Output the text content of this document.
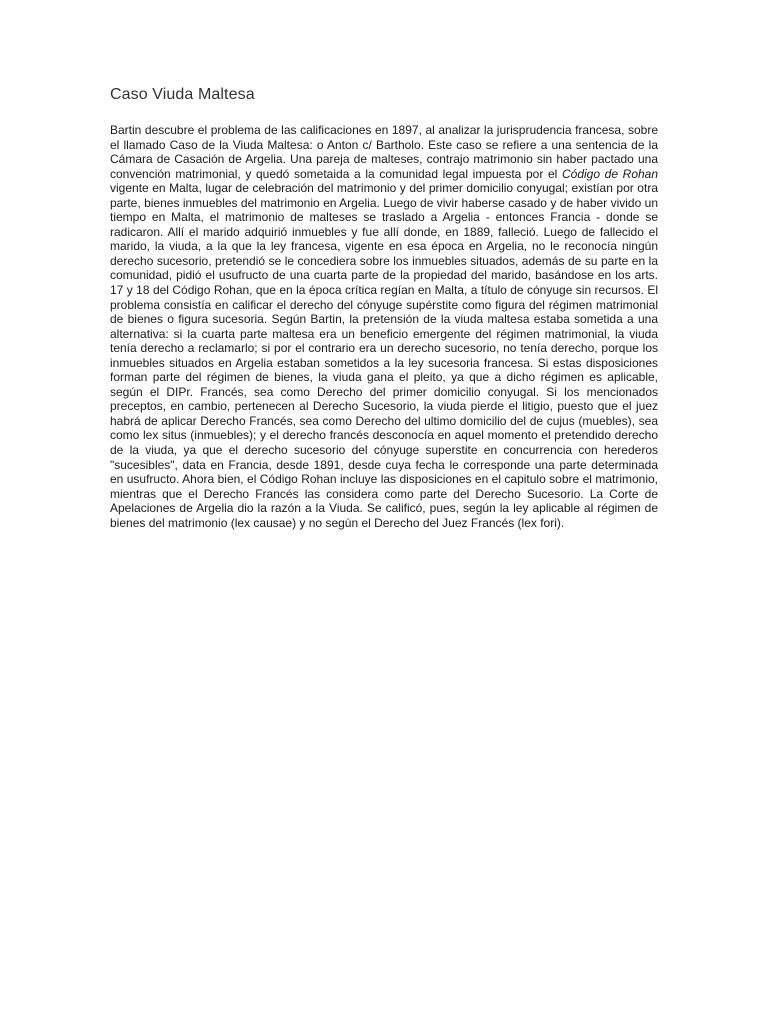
Caso Viuda Maltesa

Bartin descubre el problema de las calificaciones en 1897, al analizar la jurisprudencia francesa, sobre el llamado Caso de la Viuda Maltesa: o Anton c/ Bartholo. Este caso se refiere a una sentencia de la Cámara de Casación de Argelia. Una pareja de malteses, contrajo matrimonio sin haber pactado una convención matrimonial, y quedó sometaida a la comunidad legal impuesta por el Código de Rohan vigente en Malta, lugar de celebración del matrimonio y del primer domicilio conyugal; existían por otra parte, bienes inmuebles del matrimonio en Argelia. Luego de vivir haberse casado y de haber vivido un tiempo en Malta, el matrimonio de malteses se traslado a Argelia - entonces Francia - donde se radicaron. Allí el marido adquirió inmuebles y fue allí donde, en 1889, falleció. Luego de fallecido el marido, la viuda, a la que la ley francesa, vigente en esa época en Argelia, no le reconocía ningún derecho sucesorio, pretendió se le concediera sobre los inmuebles situados, además de su parte en la comunidad, pidió el usufructo de una cuarta parte de la propiedad del marido, basándose en los arts. 17 y 18 del Código Rohan, que en la época crítica regían en Malta, a título de cónyuge sin recursos. El problema consistía en calificar el derecho del cónyuge supérstite como figura del régimen matrimonial de bienes o figura sucesoria. Según Bartin, la pretensión de la viuda maltesa estaba sometida a una alternativa: si la cuarta parte maltesa era un beneficio emergente del régimen matrimonial, la viuda tenía derecho a reclamarlo; si por el contrario era un derecho sucesorio, no tenía derecho, porque los inmuebles situados en Argelia estaban sometidos a la ley sucesoria francesa. Si estas disposiciones forman parte del régimen de bienes, la viuda gana el pleito, ya que a dicho régimen es aplicable, según el DIPr. Francés, sea como Derecho del primer domicilio conyugal. Si los mencionados preceptos, en cambio, pertenecen al Derecho Sucesorio, la viuda pierde el litigio, puesto que el juez habrá de aplicar Derecho Francés, sea como Derecho del ultimo domicilio del de cujus (muebles), sea como lex situs (inmuebles); y el derecho francés desconocía en aquel momento el pretendido derecho de la viuda, ya que el derecho sucesorio del cónyuge superstite en concurrencia con herederos "sucesibles", data en Francia, desde 1891, desde cuya fecha le corresponde una parte determinada en usufructo. Ahora bien, el Código Rohan incluye las disposiciones en el capitulo sobre el matrimonio, mientras que el Derecho Francés las considera como parte del Derecho Sucesorio. La Corte de Apelaciones de Argelia dio la razón a la Viuda. Se calificó, pues, según la ley aplicable al régimen de bienes del matrimonio (lex causae) y no según el Derecho del Juez Francés (lex fori).
